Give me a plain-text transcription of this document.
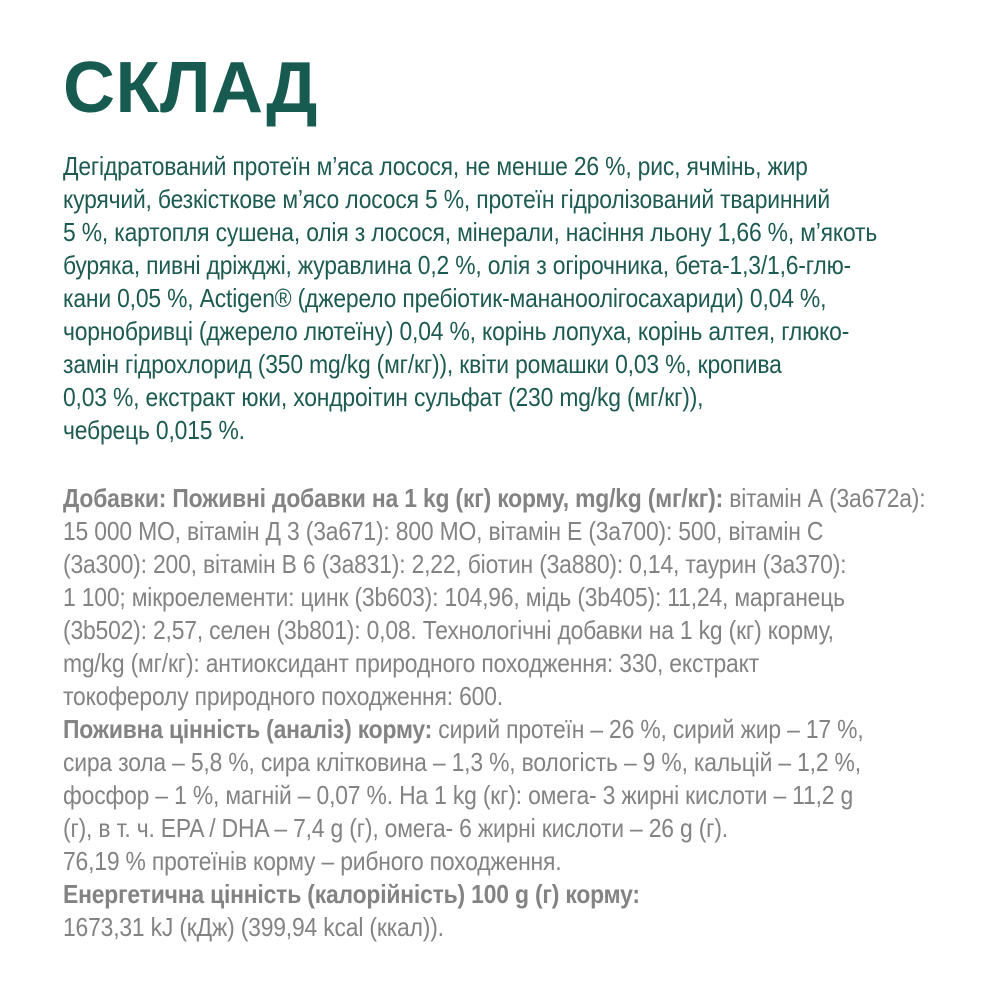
СКЛАД
Дегідратований протеїн м’яса лосося, не менше 26 %, рис, ячмінь, жир
курячий, безкісткове м’ясо лосося 5 %, протеїн гідролізований тваринний
5 %, картопля сушена, олія з лосося, мінерали, насіння льону 1,66 %, м’якоть
буряка, пивні дріжджі, журавлина 0,2 %, олія з огірочника, бета-1,3/1,6-глю-
кани 0,05 %, Actigen® (джерело пребіотик-мананоолігосахариди) 0,04 %,
чорнобривці (джерело лютеїну) 0,04 %, корінь лопуха, корінь алтея, глюко-
замін гідрохлорид (350 mg/kg (мг/кг)), квіти ромашки 0,03 %, кропива
0,03 %, екстракт юки, хондроітин сульфат (230 mg/kg (мг/кг)),
чебрець 0,015 %.
Добавки: Поживні добавки на 1 kg (кг) корму, mg/kg (мг/кг): вітамін А (3a672a):
15 000 МО, вітамін Д 3 (3а671): 800 МО, вітамін Е (3а700): 500, вітамін С
(3а300): 200, вітамін В 6 (3а831): 2,22, біотин (3а880): 0,14, таурин (3а370):
1 100; мікроелементи: цинк (3b603): 104,96, мідь (3b405): 11,24, марганець
(3b502): 2,57, селен (3b801): 0,08. Технологічні добавки на 1 kg (кг) корму,
mg/kg (мг/кг): антиоксидант природного походження: 330, екстракт
токоферолу природного походження: 600.
Поживна цінність (аналіз) корму: сирий протеїн – 26 %, сирий жир – 17 %,
сира зола – 5,8 %, сира клітковина – 1,3 %, вологість – 9 %, кальцій – 1,2 %,
фосфор – 1 %, магній – 0,07 %. На 1 kg (кг): омега- 3 жирні кислоти – 11,2 g
(г), в т. ч. EPA / DHA – 7,4 g (г), омега- 6 жирні кислоти – 26 g (г).
76,19 % протеїнів корму – рибного походження.
Енергетична цінність (калорійність) 100 g (г) корму:
1673,31 kJ (кДж) (399,94 kcal (ккал)).
